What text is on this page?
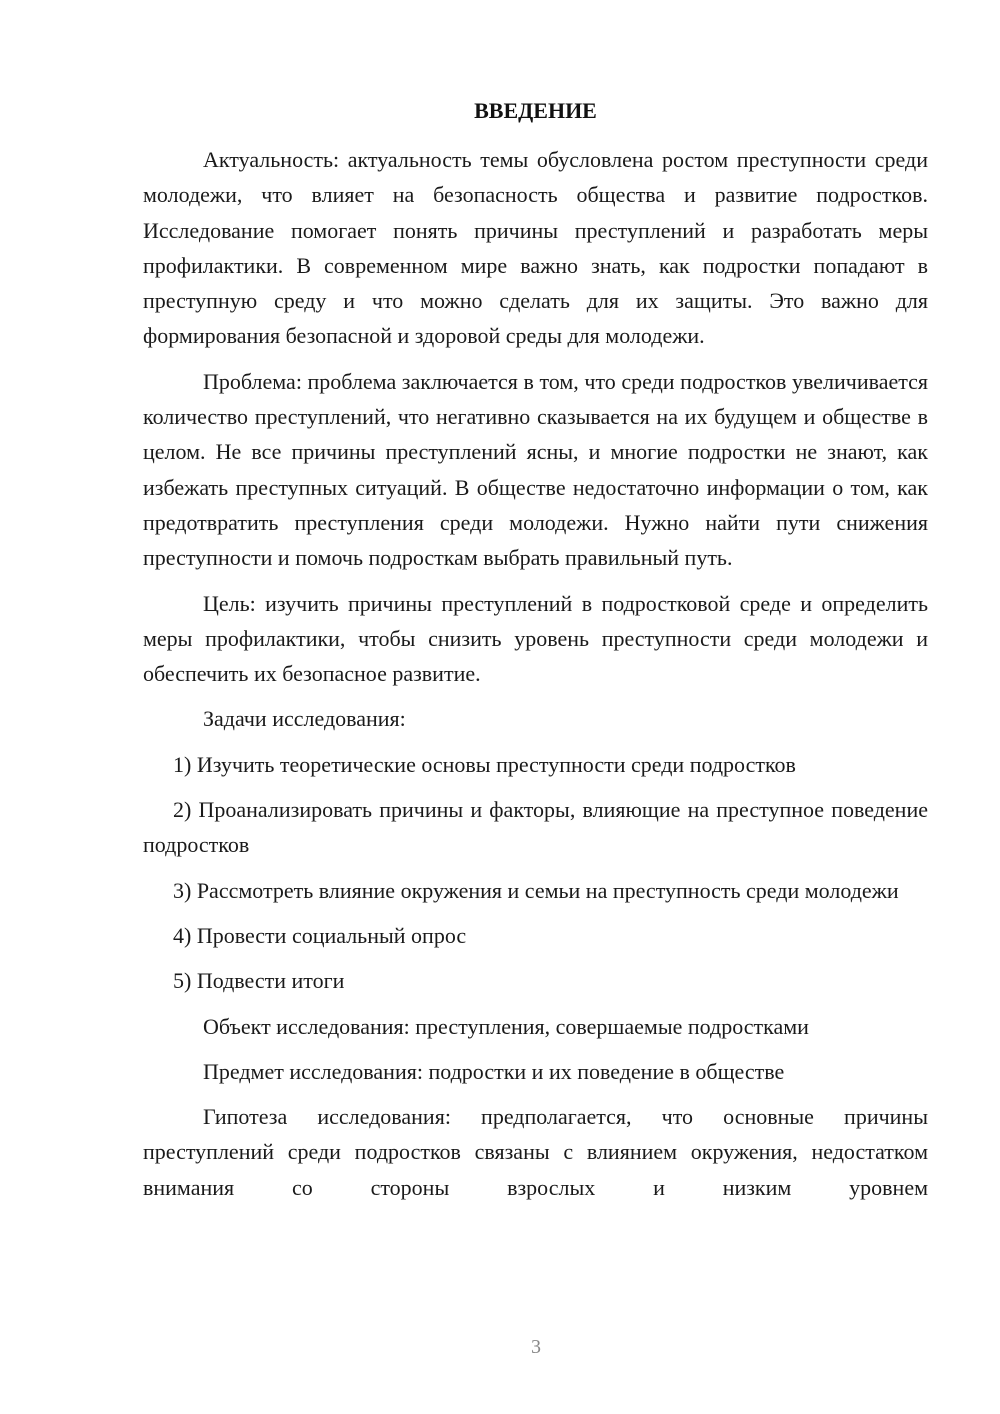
ВВЕДЕНИЕ

Актуальность: актуальность темы обусловлена ростом преступности среди молодежи, что влияет на безопасность общества и развитие подростков. Исследование помогает понять причины преступлений и разработать меры профилактики. В современном мире важно знать, как подростки попадают в преступную среду и что можно сделать для их защиты. Это важно для формирования безопасной и здоровой среды для молодежи.

Проблема: проблема заключается в том, что среди подростков увеличивается количество преступлений, что негативно сказывается на их будущем и обществе в целом. Не все причины преступлений ясны, и многие подростки не знают, как избежать преступных ситуаций. В обществе недостаточно информации о том, как предотвратить преступления среди молодежи. Нужно найти пути снижения преступности и помочь подросткам выбрать правильный путь.

Цель: изучить причины преступлений в подростковой среде и определить меры профилактики, чтобы снизить уровень преступности среди молодежи и обеспечить их безопасное развитие.

Задачи исследования:

1) Изучить теоретические основы преступности среди подростков

2) Проанализировать причины и факторы, влияющие на преступное поведение подростков

3) Рассмотреть влияние окружения и семьи на преступность среди молодежи

4) Провести социальный опрос

5) Подвести итоги

Объект исследования: преступления, совершаемые подростками

Предмет исследования: подростки и их поведение в обществе

Гипотеза исследования: предполагается, что основные причины преступлений среди подростков связаны с влиянием окружения, недостатком внимания со стороны взрослых и низким уровнем

3
